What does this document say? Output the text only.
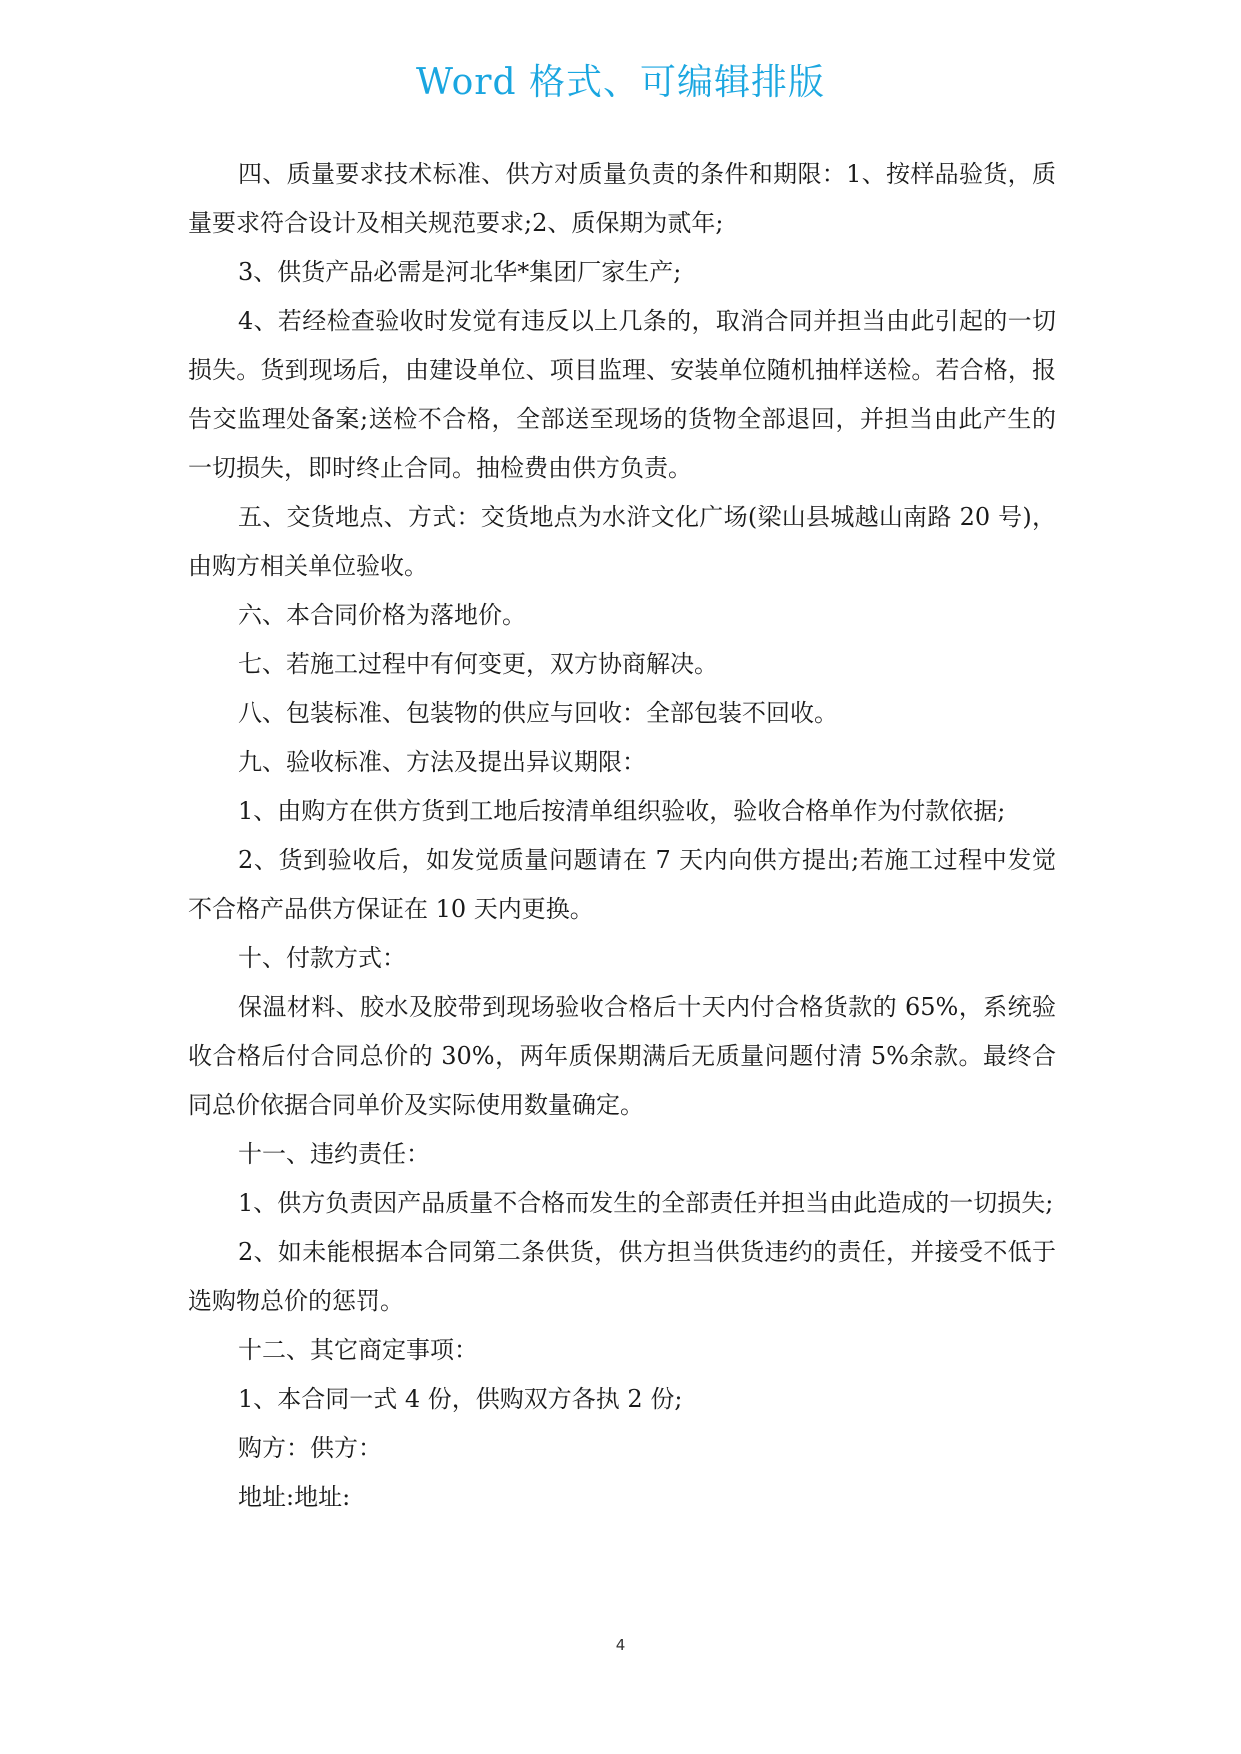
Word 格式、可编辑排版

四、质量要求技术标准、供方对质量负责的条件和期限：1、按样品验货，质量要求符合设计及相关规范要求;2、质保期为贰年;

3、供货产品必需是河北华*集团厂家生产;

4、若经检查验收时发觉有违反以上几条的，取消合同并担当由此引起的一切损失。货到现场后，由建设单位、项目监理、安装单位随机抽样送检。若合格，报告交监理处备案;送检不合格，全部送至现场的货物全部退回，并担当由此产生的一切损失，即时终止合同。抽检费由供方负责。

五、交货地点、方式：交货地点为水浒文化广场(梁山县城越山南路 20 号)，由购方相关单位验收。

六、本合同价格为落地价。

七、若施工过程中有何变更，双方协商解决。

八、包装标准、包装物的供应与回收：全部包装不回收。

九、验收标准、方法及提出异议期限：

1、由购方在供方货到工地后按清单组织验收，验收合格单作为付款依据;

2、货到验收后，如发觉质量问题请在 7 天内向供方提出;若施工过程中发觉不合格产品供方保证在 10 天内更换。

十、付款方式：

保温材料、胶水及胶带到现场验收合格后十天内付合格货款的 65%，系统验收合格后付合同总价的 30%，两年质保期满后无质量问题付清 5%余款。最终合同总价依据合同单价及实际使用数量确定。

十一、违约责任：

1、供方负责因产品质量不合格而发生的全部责任并担当由此造成的一切损失;

2、如未能根据本合同第二条供货，供方担当供货违约的责任，并接受不低于选购物总价的惩罚。

十二、其它商定事项：

1、本合同一式 4 份，供购双方各执 2 份;

购方：供方：

地址:地址:

4
